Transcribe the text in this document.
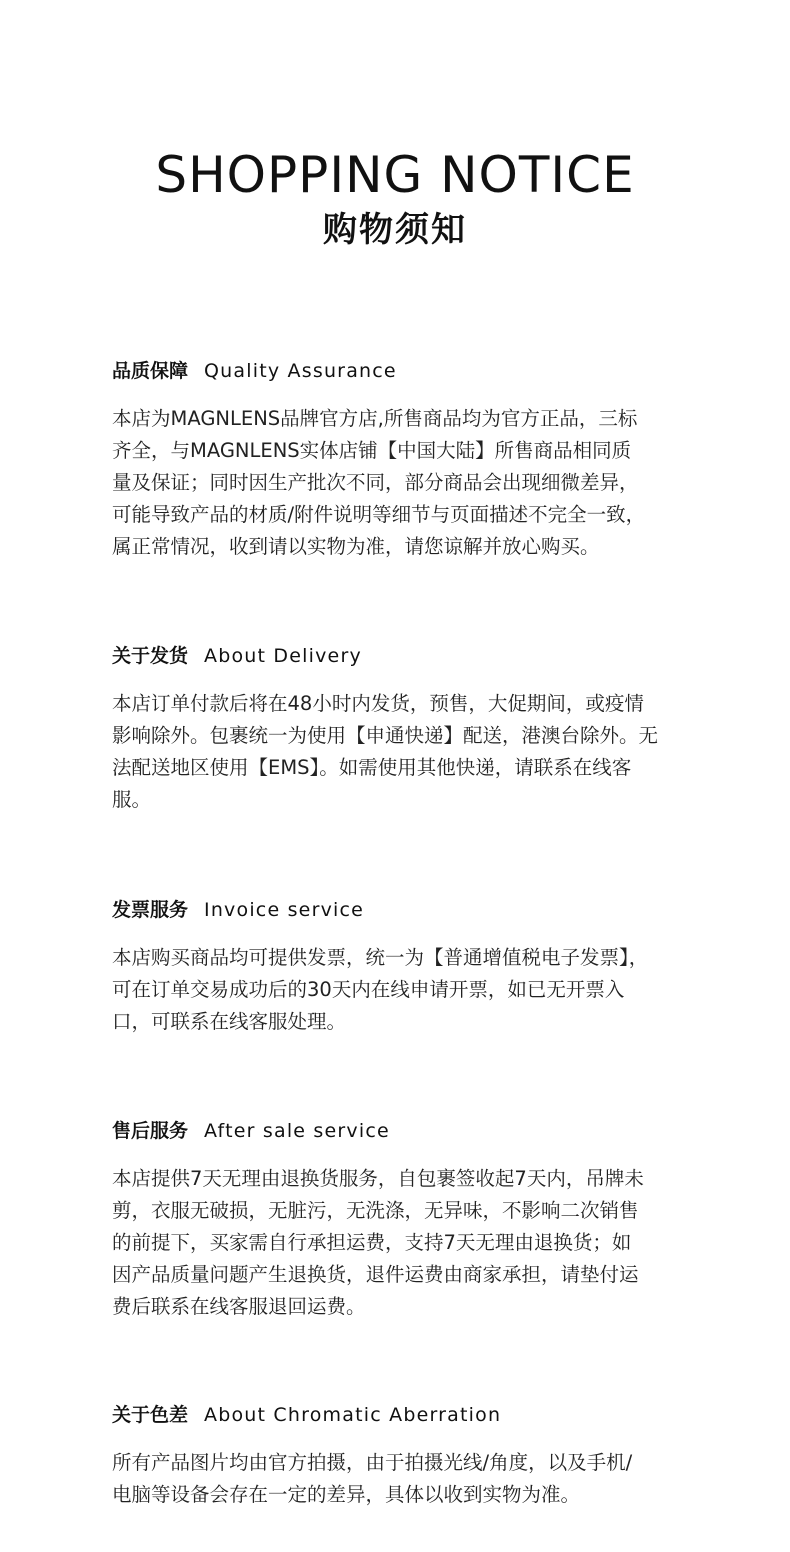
SHOPPING NOTICE
购物须知
品质保障 Quality Assurance
本店为MAGNLENS品牌官方店,所售商品均为官方正品，三标
齐全，与MAGNLENS实体店铺【中国大陆】所售商品相同质
量及保证；同时因生产批次不同，部分商品会出现细微差异，
可能导致产品的材质/附件说明等细节与页面描述不完全一致，
属正常情况，收到请以实物为准，请您谅解并放心购买。
关于发货 About Delivery
本店订单付款后将在48小时内发货，预售，大促期间，或疫情
影响除外。包裹统一为使用【申通快递】配送，港澳台除外。无
法配送地区使用【EMS】。如需使用其他快递，请联系在线客
服。
发票服务 Invoice service
本店购买商品均可提供发票，统一为【普通增值税电子发票】，
可在订单交易成功后的30天内在线申请开票，如已无开票入
口，可联系在线客服处理。
售后服务 After sale service
本店提供7天无理由退换货服务，自包裹签收起7天内，吊牌未
剪，衣服无破损，无脏污，无洗涤，无异味，不影响二次销售
的前提下，买家需自行承担运费，支持7天无理由退换货；如
因产品质量问题产生退换货，退件运费由商家承担，请垫付运
费后联系在线客服退回运费。
关于色差 About Chromatic Aberration
所有产品图片均由官方拍摄，由于拍摄光线/角度，以及手机/
电脑等设备会存在一定的差异，具体以收到实物为准。
